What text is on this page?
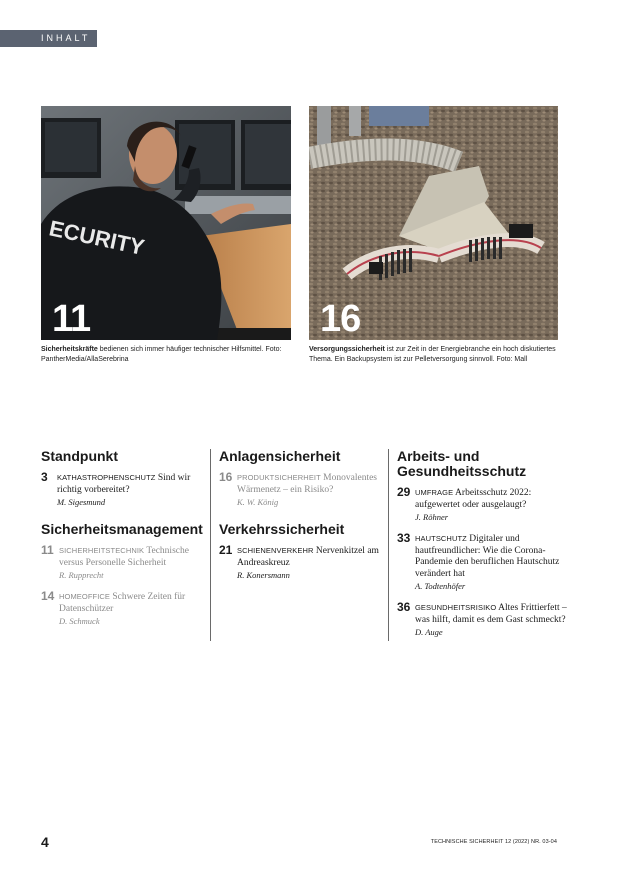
INHALT
ECURITY
11	16
Sicherheitskräfte bedienen sich immer häufiger technischer Hilfsmittel. Foto: PantherMedia/AllaSerebrina
Versorgungssicherheit ist zur Zeit in der Energiebranche ein hoch diskutiertes Thema. Ein Backupsystem ist zur Pelletversorgung sinnvoll. Foto: Mall
Standpunkt
3 KATHASTROPHENSCHUTZ Sind wir richtig vorbereitet?
M. Sigesmund
Sicherheitsmanagement
11 SICHERHEITSTECHNIK Technische versus Personelle Sicherheit
R. Rupprecht
14 HOMEOFFICE Schwere Zeiten für Datenschützer
D. Schmuck
Anlagensicherheit
16 PRODUKTSICHERHEIT Monovalentes Wärmenetz – ein Risiko?
K. W. König
Verkehrssicherheit
21 SCHIENENVERKEHR Nervenkitzel am Andreaskreuz
R. Konersmann
Arbeits- und Gesundheitsschutz
29 UMFRAGE Arbeitsschutz 2022: aufgewertet oder ausgelaugt?
J. Röhner
33 HAUTSCHUTZ Digitaler und hautfreundlicher: Wie die Corona-Pandemie den beruflichen Hautschutz verändert hat
A. Todtenhöfer
36 GESUNDHEITSRISIKO Altes Frittierfett – was hilft, damit es dem Gast schmeckt?
D. Auge
4	TECHNISCHE SICHERHEIT 12 (2022) NR. 03-04
